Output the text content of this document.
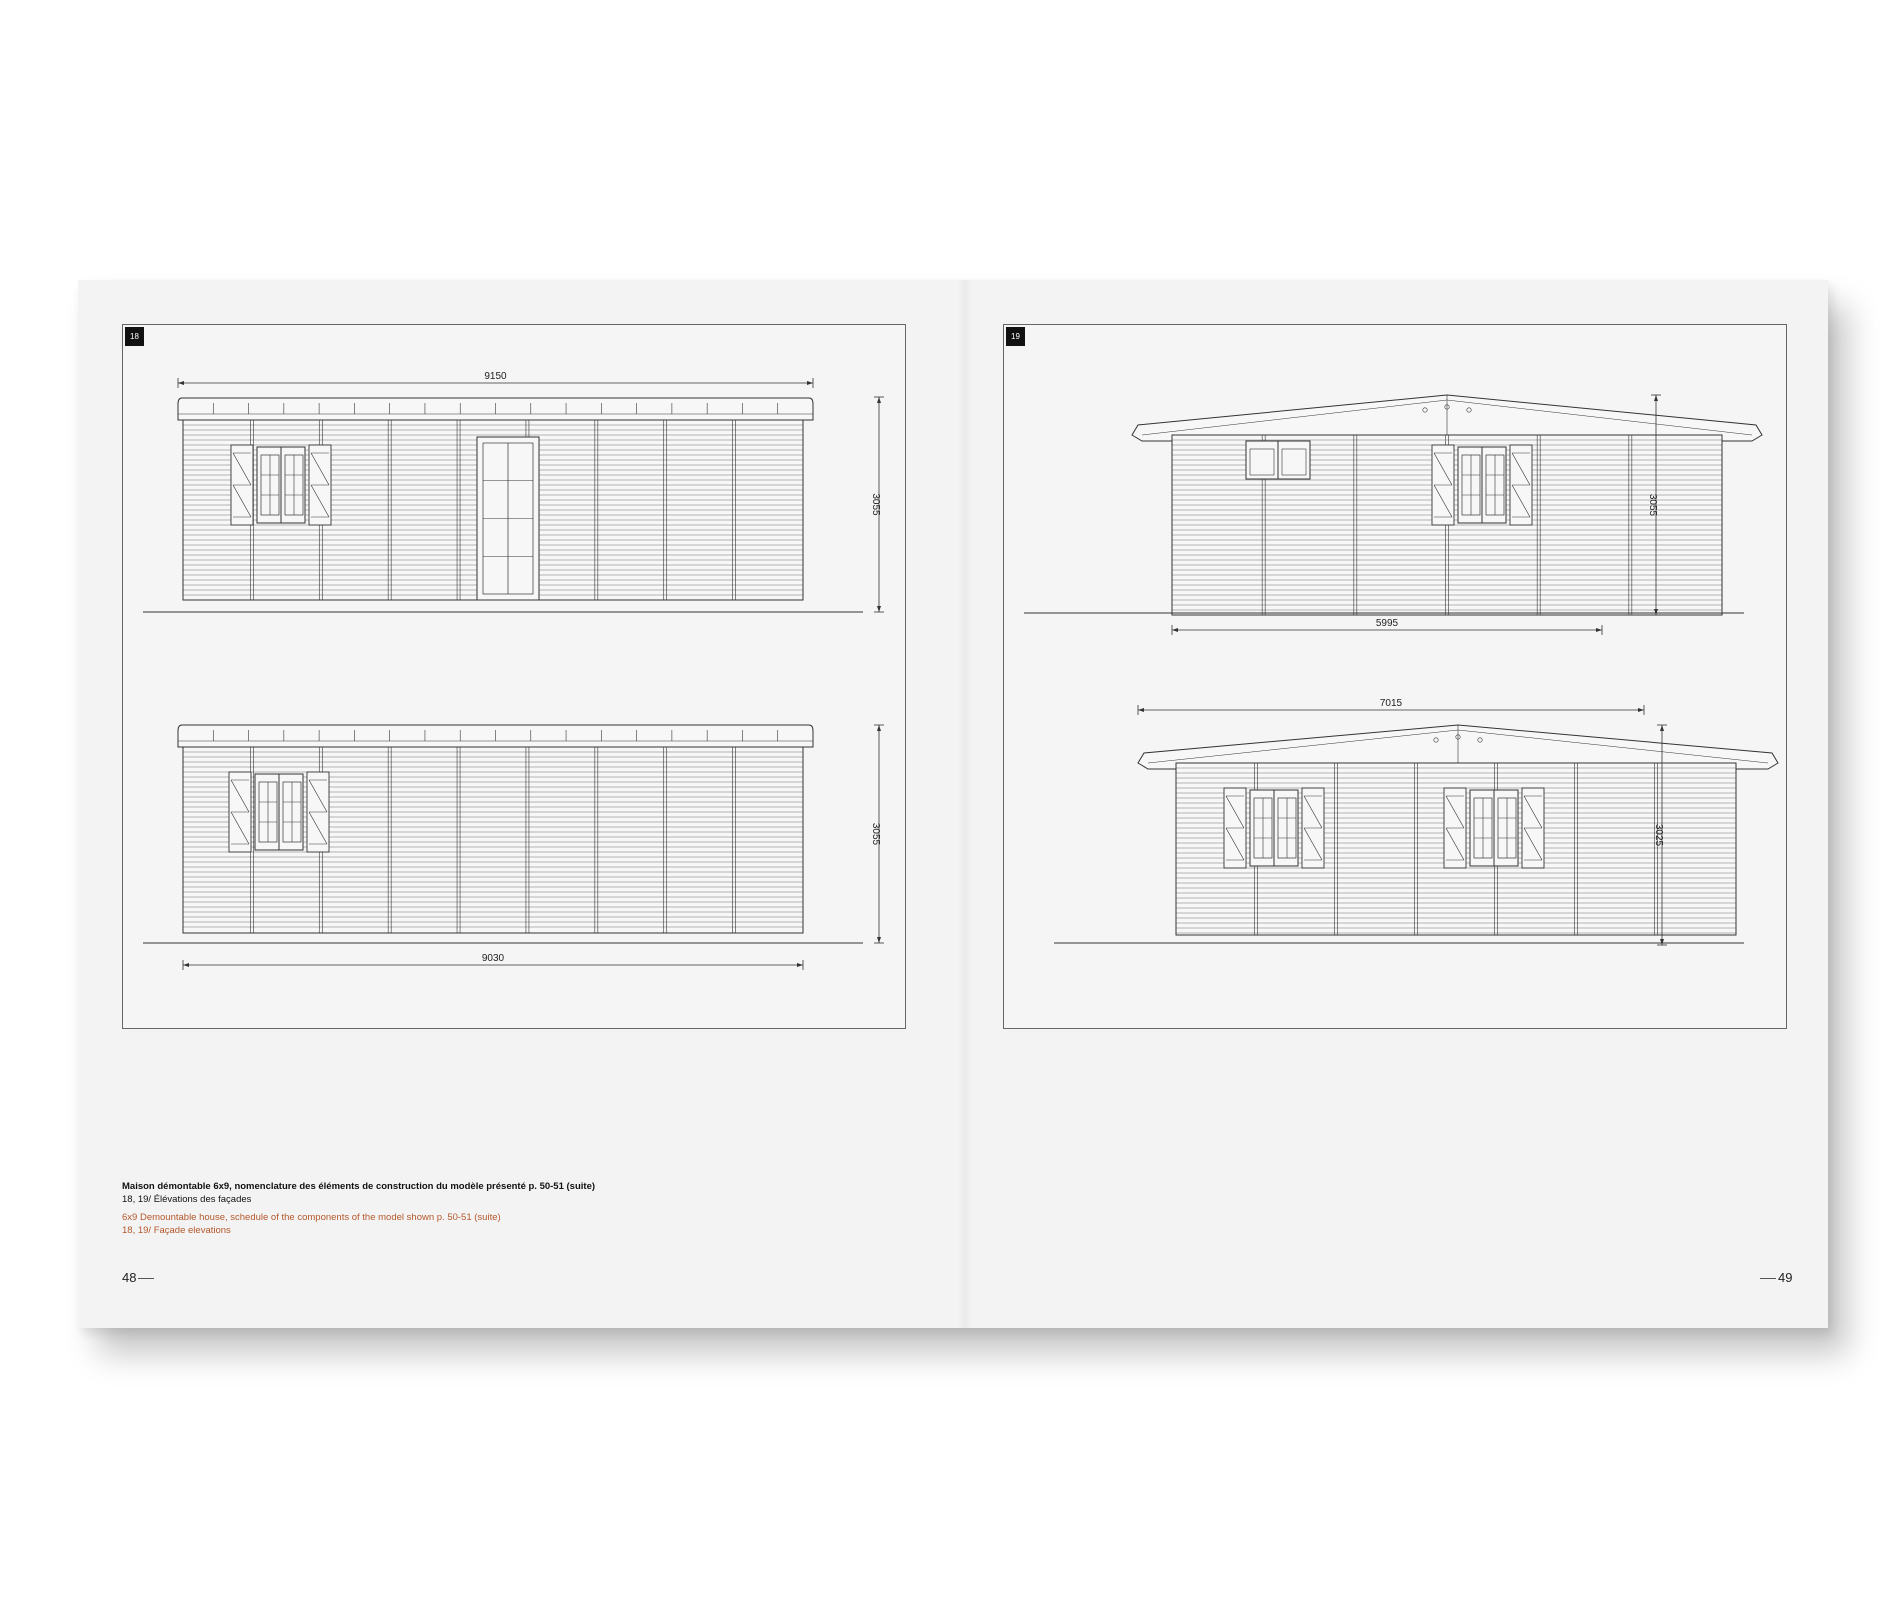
18
9150
3055
3055
9030
19
3055
5995
7015
3025
Maison démontable 6x9, nomenclature des éléments de construction du modèle présenté p. 50-51 (suite)
18, 19/ Élévations des façades
6x9 Demountable house, schedule of the components of the model shown p. 50-51 (suite)
18, 19/ Façade elevations
48	49
